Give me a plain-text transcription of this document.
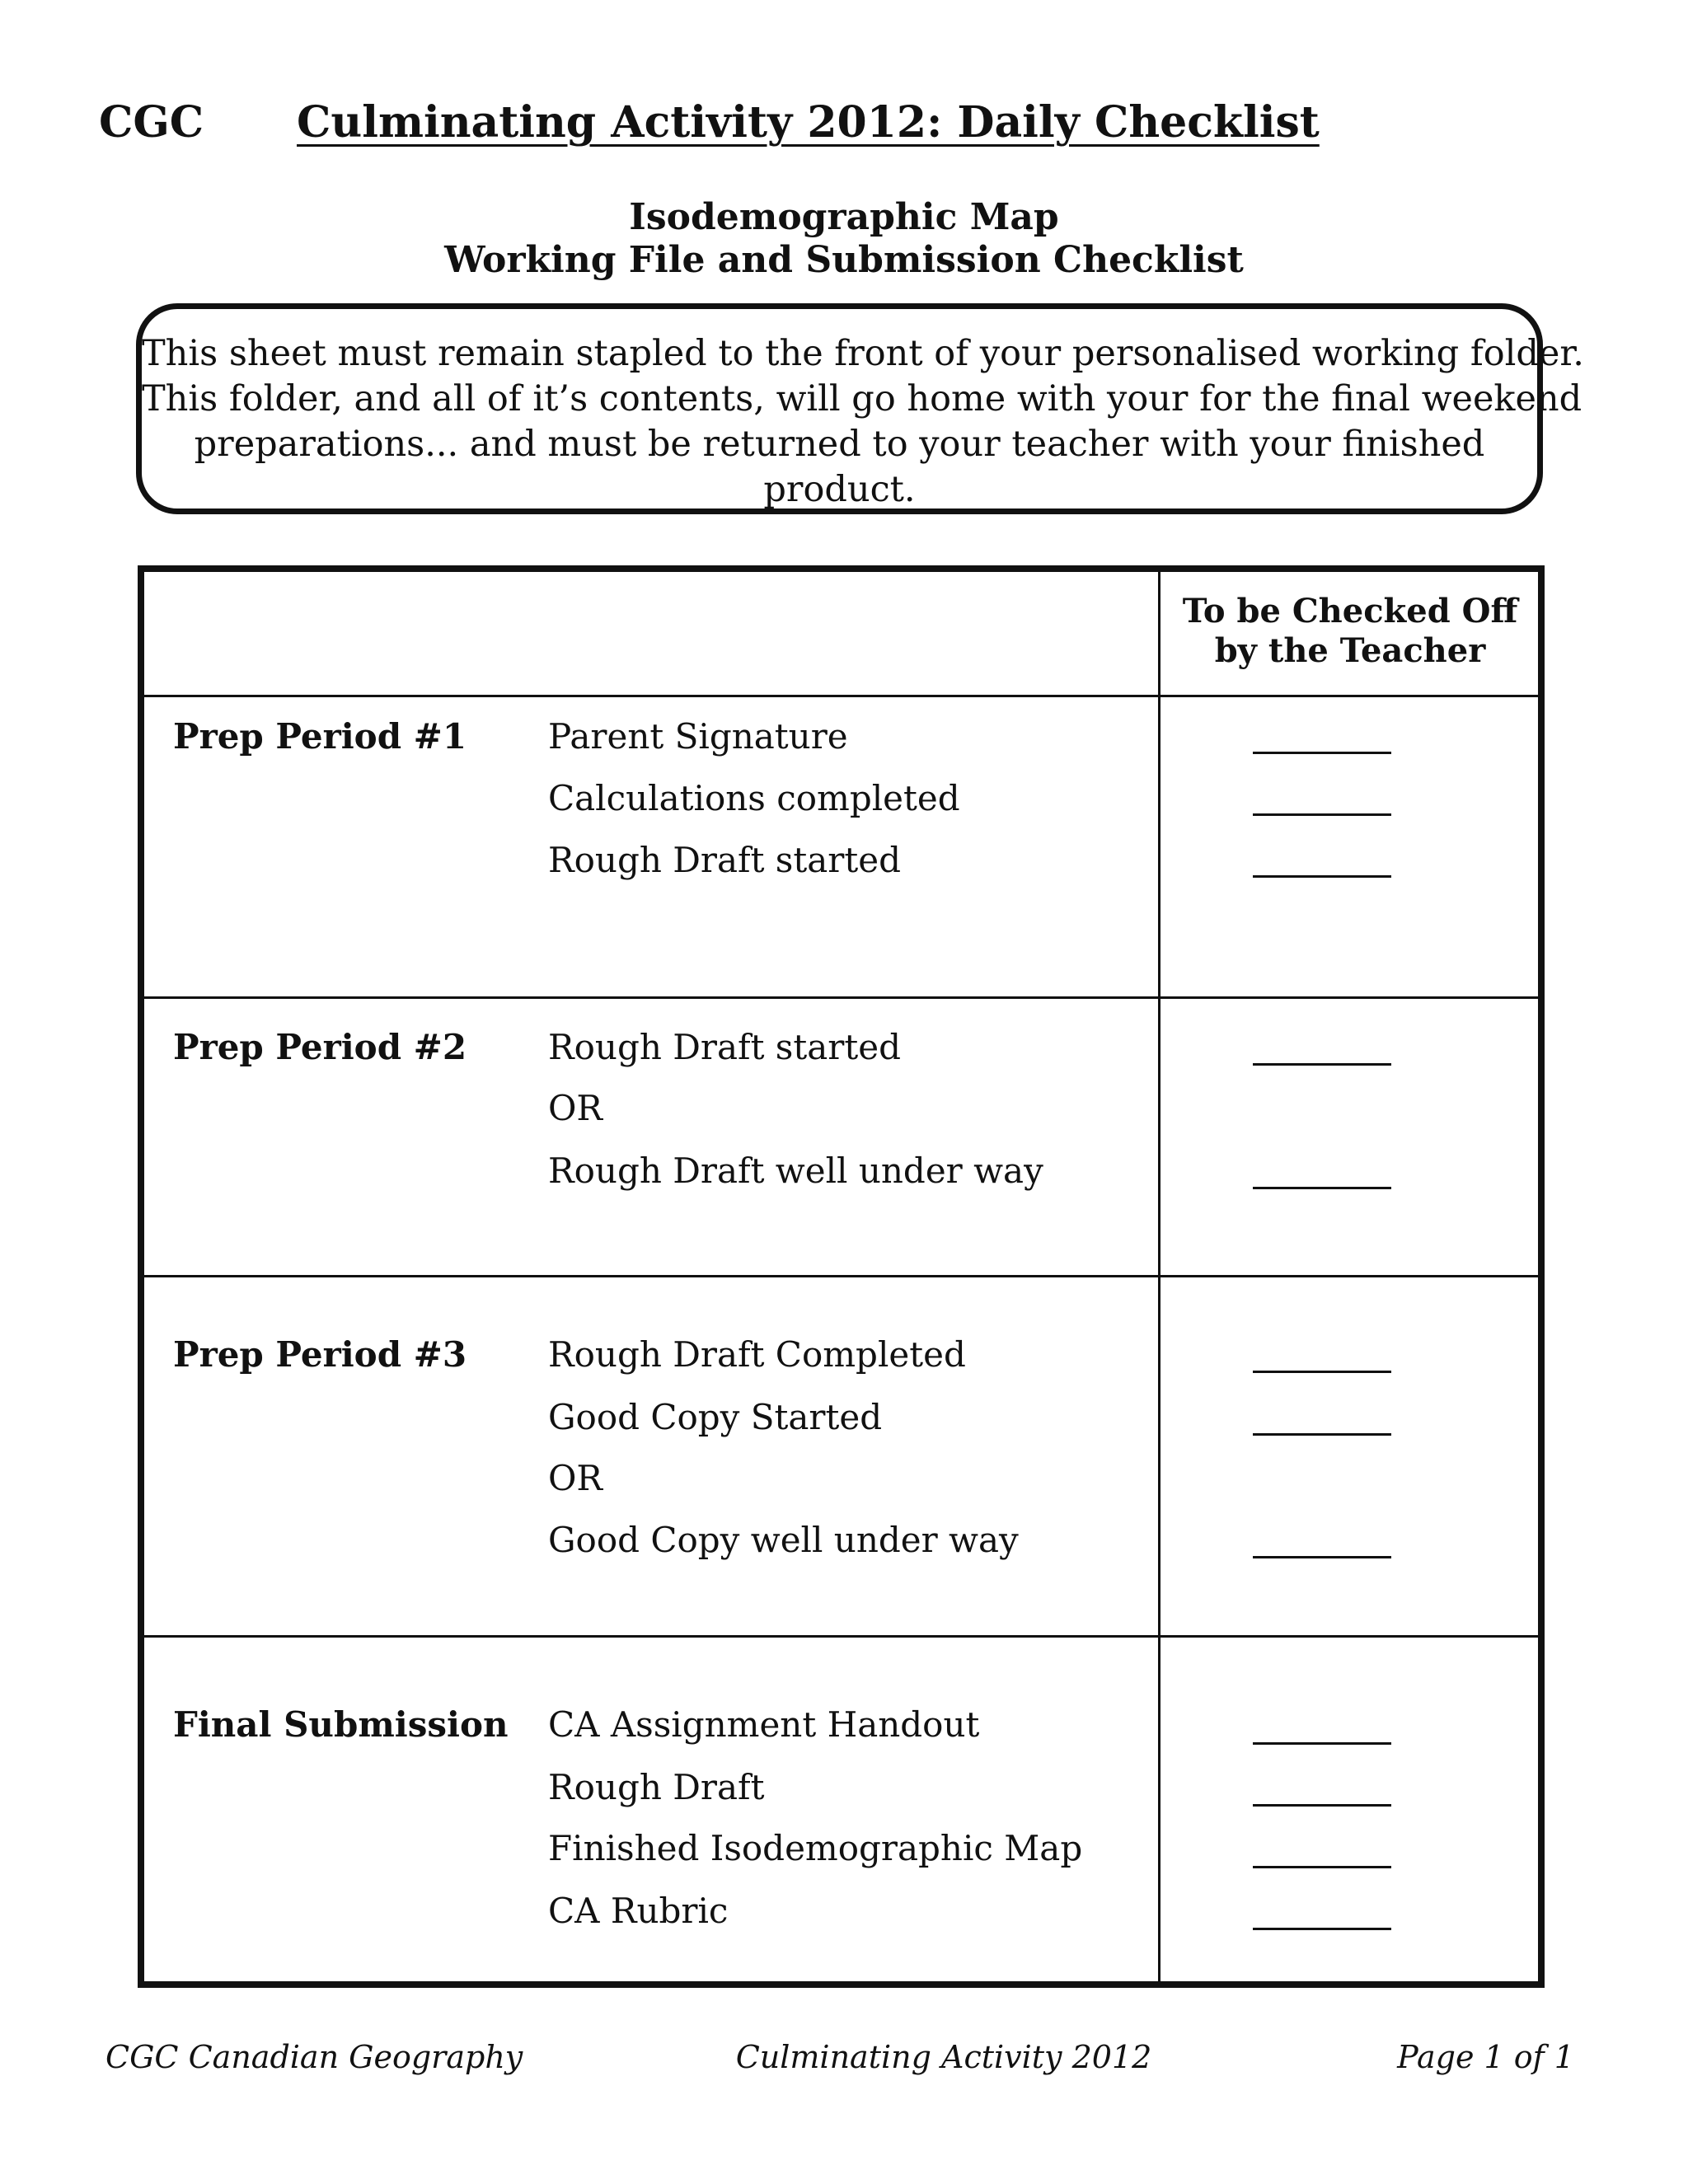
CGC Culminating Activity 2012: Daily Checklist
Isodemographic Map
Working File and Submission Checklist
This sheet must remain stapled to the front of your personalised working folder.
This folder, and all of it’s contents, will go home with your for the final weekend
preparations... and must be returned to your teacher with your finished
product.
To be Checked Off
by the Teacher
Prep Period #1 Parent Signature
Calculations completed
Rough Draft started
Prep Period #2 Rough Draft started
OR
Rough Draft well under way
Prep Period #3 Rough Draft Completed
Good Copy Started
OR
Good Copy well under way
Final Submission CA Assignment Handout
Rough Draft
Finished Isodemographic Map
CA Rubric
CGC Canadian Geography	Culminating Activity 2012	Page 1 of 1
